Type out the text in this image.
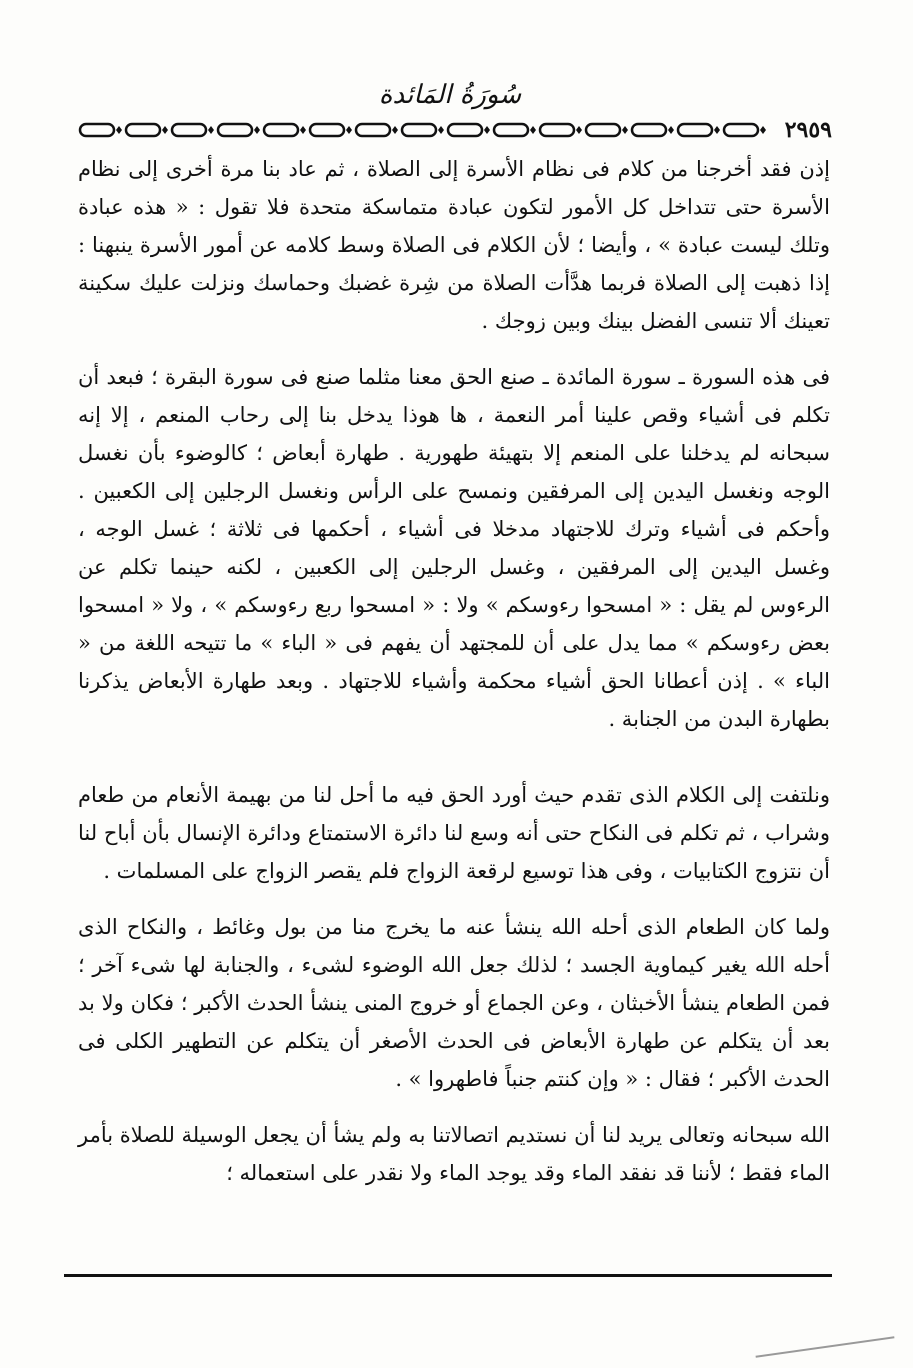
سُورَةُ المَائدة
٢٩٥٩

إذن فقد أخرجنا من كلام فى نظام الأسرة إلى الصلاة ، ثم عاد بنا مرة أخرى إلى نظام الأسرة حتى تتداخل كل الأمور لتكون عبادة متماسكة متحدة فلا تقول : « هذه عبادة وتلك ليست عبادة » ، وأيضا ؛ لأن الكلام فى الصلاة وسط كلامه عن أمور الأسرة ينبهنا : إذا ذهبت إلى الصلاة فربما هدَّأت الصلاة من شِرة غضبك وحماسك ونزلت عليك سكينة تعينك ألا تنسى الفضل بينك وبين زوجك .

فى هذه السورة ـ سورة المائدة ـ صنع الحق معنا مثلما صنع فى سورة البقرة ؛ فبعد أن تكلم فى أشياء وقص علينا أمر النعمة ، ها هوذا يدخل بنا إلى رحاب المنعم ، إلا إنه سبحانه لم يدخلنا على المنعم إلا بتهيئة طهورية . طهارة أبعاض ؛ كالوضوء بأن نغسل الوجه ونغسل اليدين إلى المرفقين ونمسح على الرأس ونغسل الرجلين إلى الكعبين . وأحكم فى أشياء وترك للاجتهاد مدخلا فى أشياء ، أحكمها فى ثلاثة ؛ غسل الوجه ، وغسل اليدين إلى المرفقين ، وغسل الرجلين إلى الكعبين ، لكنه حينما تكلم عن الرءوس لم يقل : « امسحوا رءوسكم » ولا : « امسحوا ربع رءوسكم » ، ولا « امسحوا بعض رءوسكم » مما يدل على أن للمجتهد أن يفهم فى « الباء » ما تتيحه اللغة من « الباء » . إذن أعطانا الحق أشياء محكمة وأشياء للاجتهاد . وبعد طهارة الأبعاض يذكرنا بطهارة البدن من الجنابة .

ونلتفت إلى الكلام الذى تقدم حيث أورد الحق فيه ما أحل لنا من بهيمة الأنعام من طعام وشراب ، ثم تكلم فى النكاح حتى أنه وسع لنا دائرة الاستمتاع ودائرة الإنسال بأن أباح لنا أن نتزوج الكتابيات ، وفى هذا توسيع لرقعة الزواج فلم يقصر الزواج على المسلمات .

ولما كان الطعام الذى أحله الله ينشأ عنه ما يخرج منا من بول وغائط ، والنكاح الذى أحله الله يغير كيماوية الجسد ؛ لذلك جعل الله الوضوء لشىء ، والجنابة لها شىء آخر ؛ فمن الطعام ينشأ الأخبثان ، وعن الجماع أو خروج المنى ينشأ الحدث الأكبر ؛ فكان ولا بد بعد أن يتكلم عن طهارة الأبعاض فى الحدث الأصغر أن يتكلم عن التطهير الكلى فى الحدث الأكبر ؛ فقال : « وإن كنتم جنباً فاطهروا » .

الله سبحانه وتعالى يريد لنا أن نستديم اتصالاتنا به ولم يشأ أن يجعل الوسيلة للصلاة بأمر الماء فقط ؛ لأننا قد نفقد الماء وقد يوجد الماء ولا نقدر على استعماله ؛
